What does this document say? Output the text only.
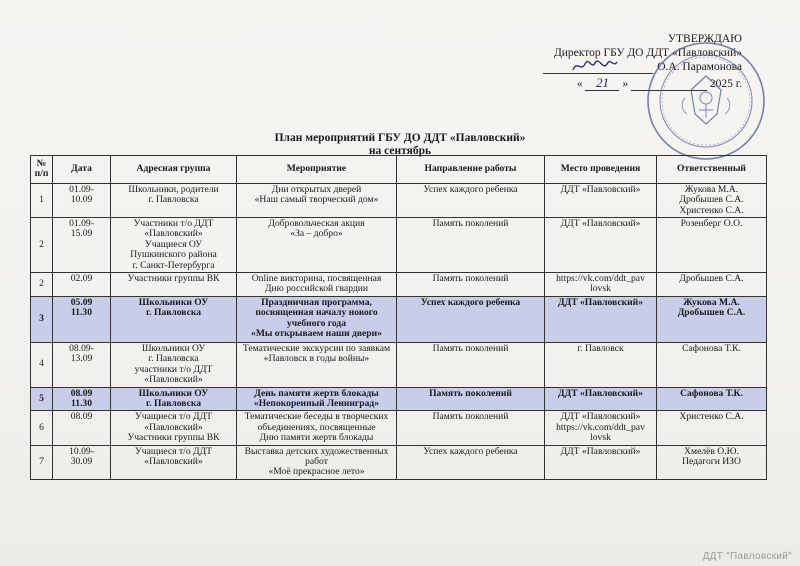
УТВЕРЖДАЮ
Директор ГБУ ДО ДДТ «Павловский»
О.А. Парамонова
« 21 »	2025 г.
План мероприятий ГБУ ДО ДДТ «Павловский»
на сентябрь
№ п/п	Дата	Адресная группа	Мероприятие	Направление работы	Место проведения	Ответственный
1	01.09-
10.09	Школьники, родители
г. Павловска	Дни открытых дверей
«Наш самый творческий дом»	Успех каждого ребенка	ДДТ «Павловский»	Жукова М.А.
Дробышев С.А.
Христенко С.А.

2	01.09-
15.09	Участники т/о ДДТ
«Павловский»
Учащиеся ОУ
Пушкинского района
г. Санкт-Петербурга	Добровольческая акция
«За – добро»	Память поколений	ДДТ «Павловский»	Розенберг О.О.

2	02.09	Участники группы ВК	Online викторина, посвященная
Дню российской гвардии	Память поколений	https://vk.com/ddt_pav
lovsk	Дробышев С.А.

3	05.09
11.30	Школьники ОУ
г. Павловска	Праздничная программа,
посвященная началу нового
учебного года
«Мы открываем наши двери»	Успех каждого ребенка	ДДТ «Павловский»	Жукова М.А.
Дробышев С.А.

4	08.09-
13.09	Школьники ОУ
г. Павловска
участники т/о ДДТ
«Павловский»	Тематические экскурсии по заявкам
«Павловск в годы войны»	Память поколений	г. Павловск	Сафонова Т.К.

5	08.09
11.30	Школьники ОУ
г. Павловска	День памяти жертв блокады
«Непокоренный Ленинград»	Память поколений	ДДТ «Павловский»	Сафонова Т.К.

6	08.09	Учащиеся т/о ДДТ
«Павловский»
Участники группы ВК	Тематические беседы в творческих
объединениях, посвященные
Дню памяти жертв блокады	Память поколений	ДДТ «Павловский»
https://vk.com/ddt_pav
lovsk	Христенко С.А.

7	10.09-
30.09	Учащиеся т/о ДДТ
«Павловский»	Выставка детских художественных
работ
«Моё прекрасное лето»	Успех каждого ребенка	ДДТ «Павловский»	Хмелёв О.Ю.
Педагоги ИЗО
ДДТ "Павловский"
